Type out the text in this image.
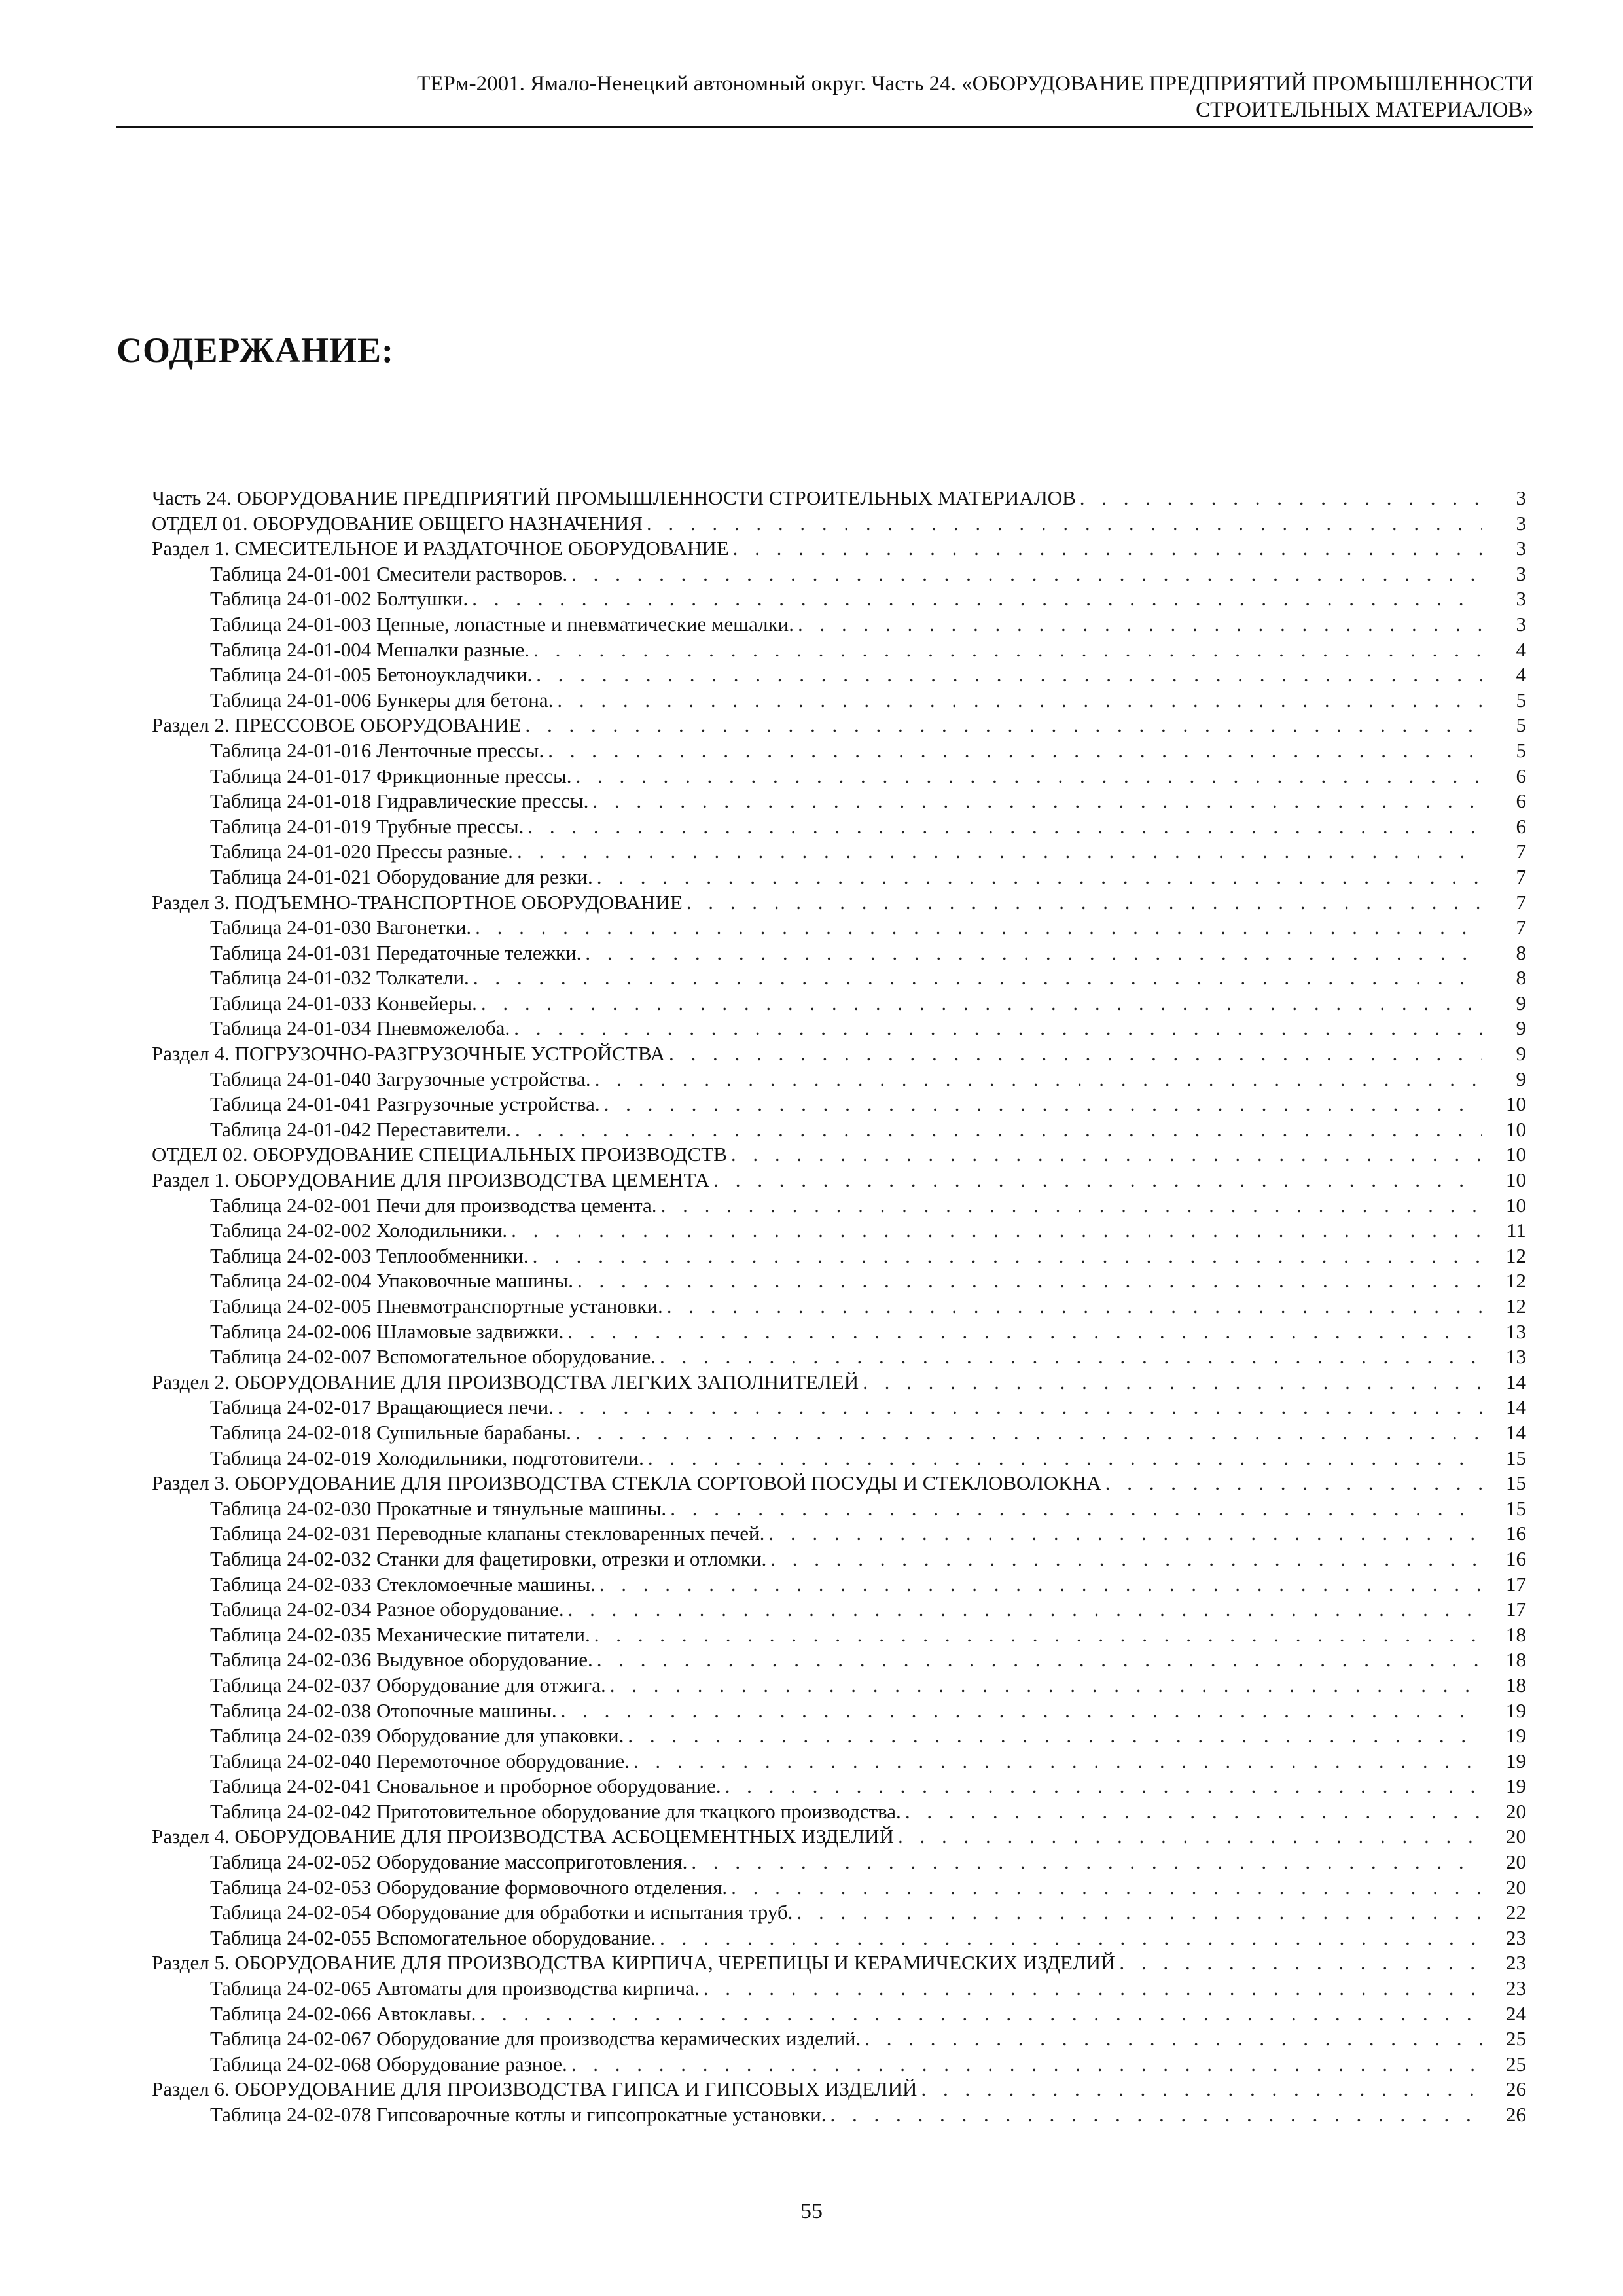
ТЕРм-2001. Ямало-Ненецкий автономный округ. Часть 24. «ОБОРУДОВАНИЕ ПРЕДПРИЯТИЙ ПРОМЫШЛЕННОСТИ
СТРОИТЕЛЬНЫХ МАТЕРИАЛОВ»
СОДЕРЖАНИЕ:
Часть 24. ОБОРУДОВАНИЕ ПРЕДПРИЯТИЙ ПРОМЫШЛЕННОСТИ СТРОИТЕЛЬНЫХ МАТЕРИАЛОВ . . .	3
ОТДЕЛ 01. ОБОРУДОВАНИЕ ОБЩЕГО НАЗНАЧЕНИЯ . . .	3
Раздел 1. СМЕСИТЕЛЬНОЕ И РАЗДАТОЧНОЕ ОБОРУДОВАНИЕ . . .	3
Таблица 24-01-001 Смесители растворов. . . .	3
Таблица 24-01-002 Болтушки. . . .	3
Таблица 24-01-003 Цепные, лопастные и пневматические мешалки. . . .	3
Таблица 24-01-004 Мешалки разные. . . .	4
Таблица 24-01-005 Бетоноукладчики. . . .	4
Таблица 24-01-006 Бункеры для бетона. . . .	5
Раздел 2. ПРЕССОВОЕ ОБОРУДОВАНИЕ . . .	5
Таблица 24-01-016 Ленточные прессы. . . .	5
Таблица 24-01-017 Фрикционные прессы. . . .	6
Таблица 24-01-018 Гидравлические прессы. . . .	6
Таблица 24-01-019 Трубные прессы. . . .	6
Таблица 24-01-020 Прессы разные. . . .	7
Таблица 24-01-021 Оборудование для резки. . . .	7
Раздел 3. ПОДЪЕМНО-ТРАНСПОРТНОЕ ОБОРУДОВАНИЕ . . .	7
Таблица 24-01-030 Вагонетки. . . .	7
Таблица 24-01-031 Передаточные тележки. . . .	8
Таблица 24-01-032 Толкатели. . . .	8
Таблица 24-01-033 Конвейеры. . . .	9
Таблица 24-01-034 Пневможелоба. . . .	9
Раздел 4. ПОГРУЗОЧНО-РАЗГРУЗОЧНЫЕ УСТРОЙСТВА . . .	9
Таблица 24-01-040 Загрузочные устройства. . . .	9
Таблица 24-01-041 Разгрузочные устройства. . . .	10
Таблица 24-01-042 Переставители. . . .	10
ОТДЕЛ 02. ОБОРУДОВАНИЕ СПЕЦИАЛЬНЫХ ПРОИЗВОДСТВ . . .	10
Раздел 1. ОБОРУДОВАНИЕ ДЛЯ ПРОИЗВОДСТВА ЦЕМЕНТА . . .	10
Таблица 24-02-001 Печи для производства цемента. . . .	10
Таблица 24-02-002 Холодильники. . . .	11
Таблица 24-02-003 Теплообменники. . . .	12
Таблица 24-02-004 Упаковочные машины. . . .	12
Таблица 24-02-005 Пневмотранспортные установки. . . .	12
Таблица 24-02-006 Шламовые задвижки. . . .	13
Таблица 24-02-007 Вспомогательное оборудование. . . .	13
Раздел 2. ОБОРУДОВАНИЕ ДЛЯ ПРОИЗВОДСТВА ЛЕГКИХ ЗАПОЛНИТЕЛЕЙ . . .	14
Таблица 24-02-017 Вращающиеся печи. . . .	14
Таблица 24-02-018 Сушильные барабаны. . . .	14
Таблица 24-02-019 Холодильники, подготовители. . . .	15
Раздел 3. ОБОРУДОВАНИЕ ДЛЯ ПРОИЗВОДСТВА СТЕКЛА СОРТОВОЙ ПОСУДЫ И СТЕКЛОВОЛОКНА . . .	15
Таблица 24-02-030 Прокатные и тянульные машины. . . .	15
Таблица 24-02-031 Переводные клапаны стекловаренных печей. . . .	16
Таблица 24-02-032 Станки для фацетировки, отрезки и отломки. . . .	16
Таблица 24-02-033 Стекломоечные машины. . . .	17
Таблица 24-02-034 Разное оборудование. . . .	17
Таблица 24-02-035 Механические питатели. . . .	18
Таблица 24-02-036 Выдувное оборудование. . . .	18
Таблица 24-02-037 Оборудование для отжига. . . .	18
Таблица 24-02-038 Отопочные машины. . . .	19
Таблица 24-02-039 Оборудование для упаковки. . . .	19
Таблица 24-02-040 Перемоточное оборудование. . . .	19
Таблица 24-02-041 Сновальное и проборное оборудование. . . .	19
Таблица 24-02-042 Приготовительное оборудование для ткацкого производства. . . .	20
Раздел 4. ОБОРУДОВАНИЕ ДЛЯ ПРОИЗВОДСТВА АСБОЦЕМЕНТНЫХ ИЗДЕЛИЙ . . .	20
Таблица 24-02-052 Оборудование массоприготовления. . . .	20
Таблица 24-02-053 Оборудование формовочного отделения. . . .	20
Таблица 24-02-054 Оборудование для обработки и испытания труб. . . .	22
Таблица 24-02-055 Вспомогательное оборудование. . . .	23
Раздел 5. ОБОРУДОВАНИЕ ДЛЯ ПРОИЗВОДСТВА КИРПИЧА, ЧЕРЕПИЦЫ И КЕРАМИЧЕСКИХ ИЗДЕЛИЙ . . .	23
Таблица 24-02-065 Автоматы для производства кирпича. . . .	23
Таблица 24-02-066 Автоклавы. . . .	24
Таблица 24-02-067 Оборудование для производства керамических изделий. . . .	25
Таблица 24-02-068 Оборудование разное. . . .	25
Раздел 6. ОБОРУДОВАНИЕ ДЛЯ ПРОИЗВОДСТВА ГИПСА И ГИПСОВЫХ ИЗДЕЛИЙ . . .	26
Таблица 24-02-078 Гипсоварочные котлы и гипсопрокатные установки. . . .	26
55
